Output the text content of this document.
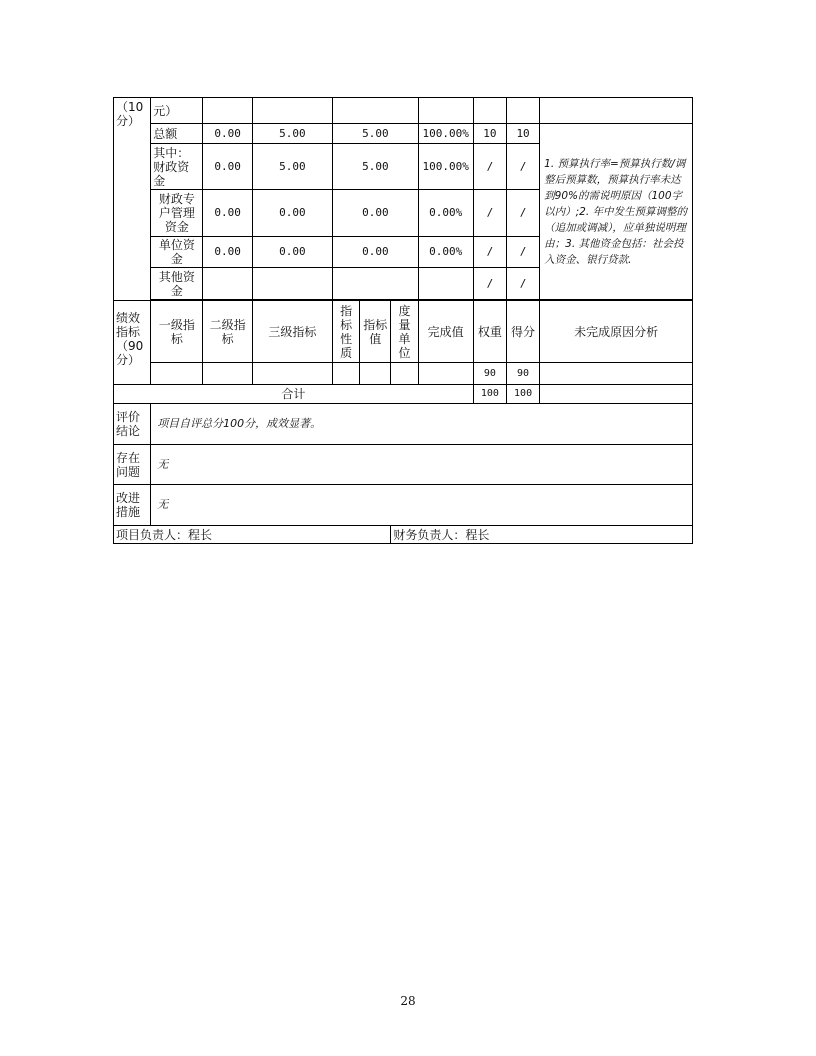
（10分）	元）									
	总额	0.00	5.00	5.00			100.00%	10	10	1. 预算执行率=预算执行数/调整后预算数，预算执行率未达到90%的需说明原因（100字以内）;2. 年中发生预算调整的（追加或调减），应单独说明理由；3. 其他资金包括：社会投入资金、银行贷款.
	其中：财政资金	0.00	5.00	5.00			100.00%	/	/	
	财政专户管理资金	0.00	0.00	0.00			0.00%	/	/	
	单位资金	0.00	0.00	0.00			0.00%	/	/	
	其他资金							/	/	

绩效指标（90分）	一级指标	二级指标	三级指标	指标性质	指标值	度量单位	完成值	权重	得分	未完成原因分析
								90	90	
合计								100	100	
评价结论	项目自评总分100分，成效显著。									
存在问题	无									
改进措施	无									
项目负责人：程长						财务负责人：程长				
28
